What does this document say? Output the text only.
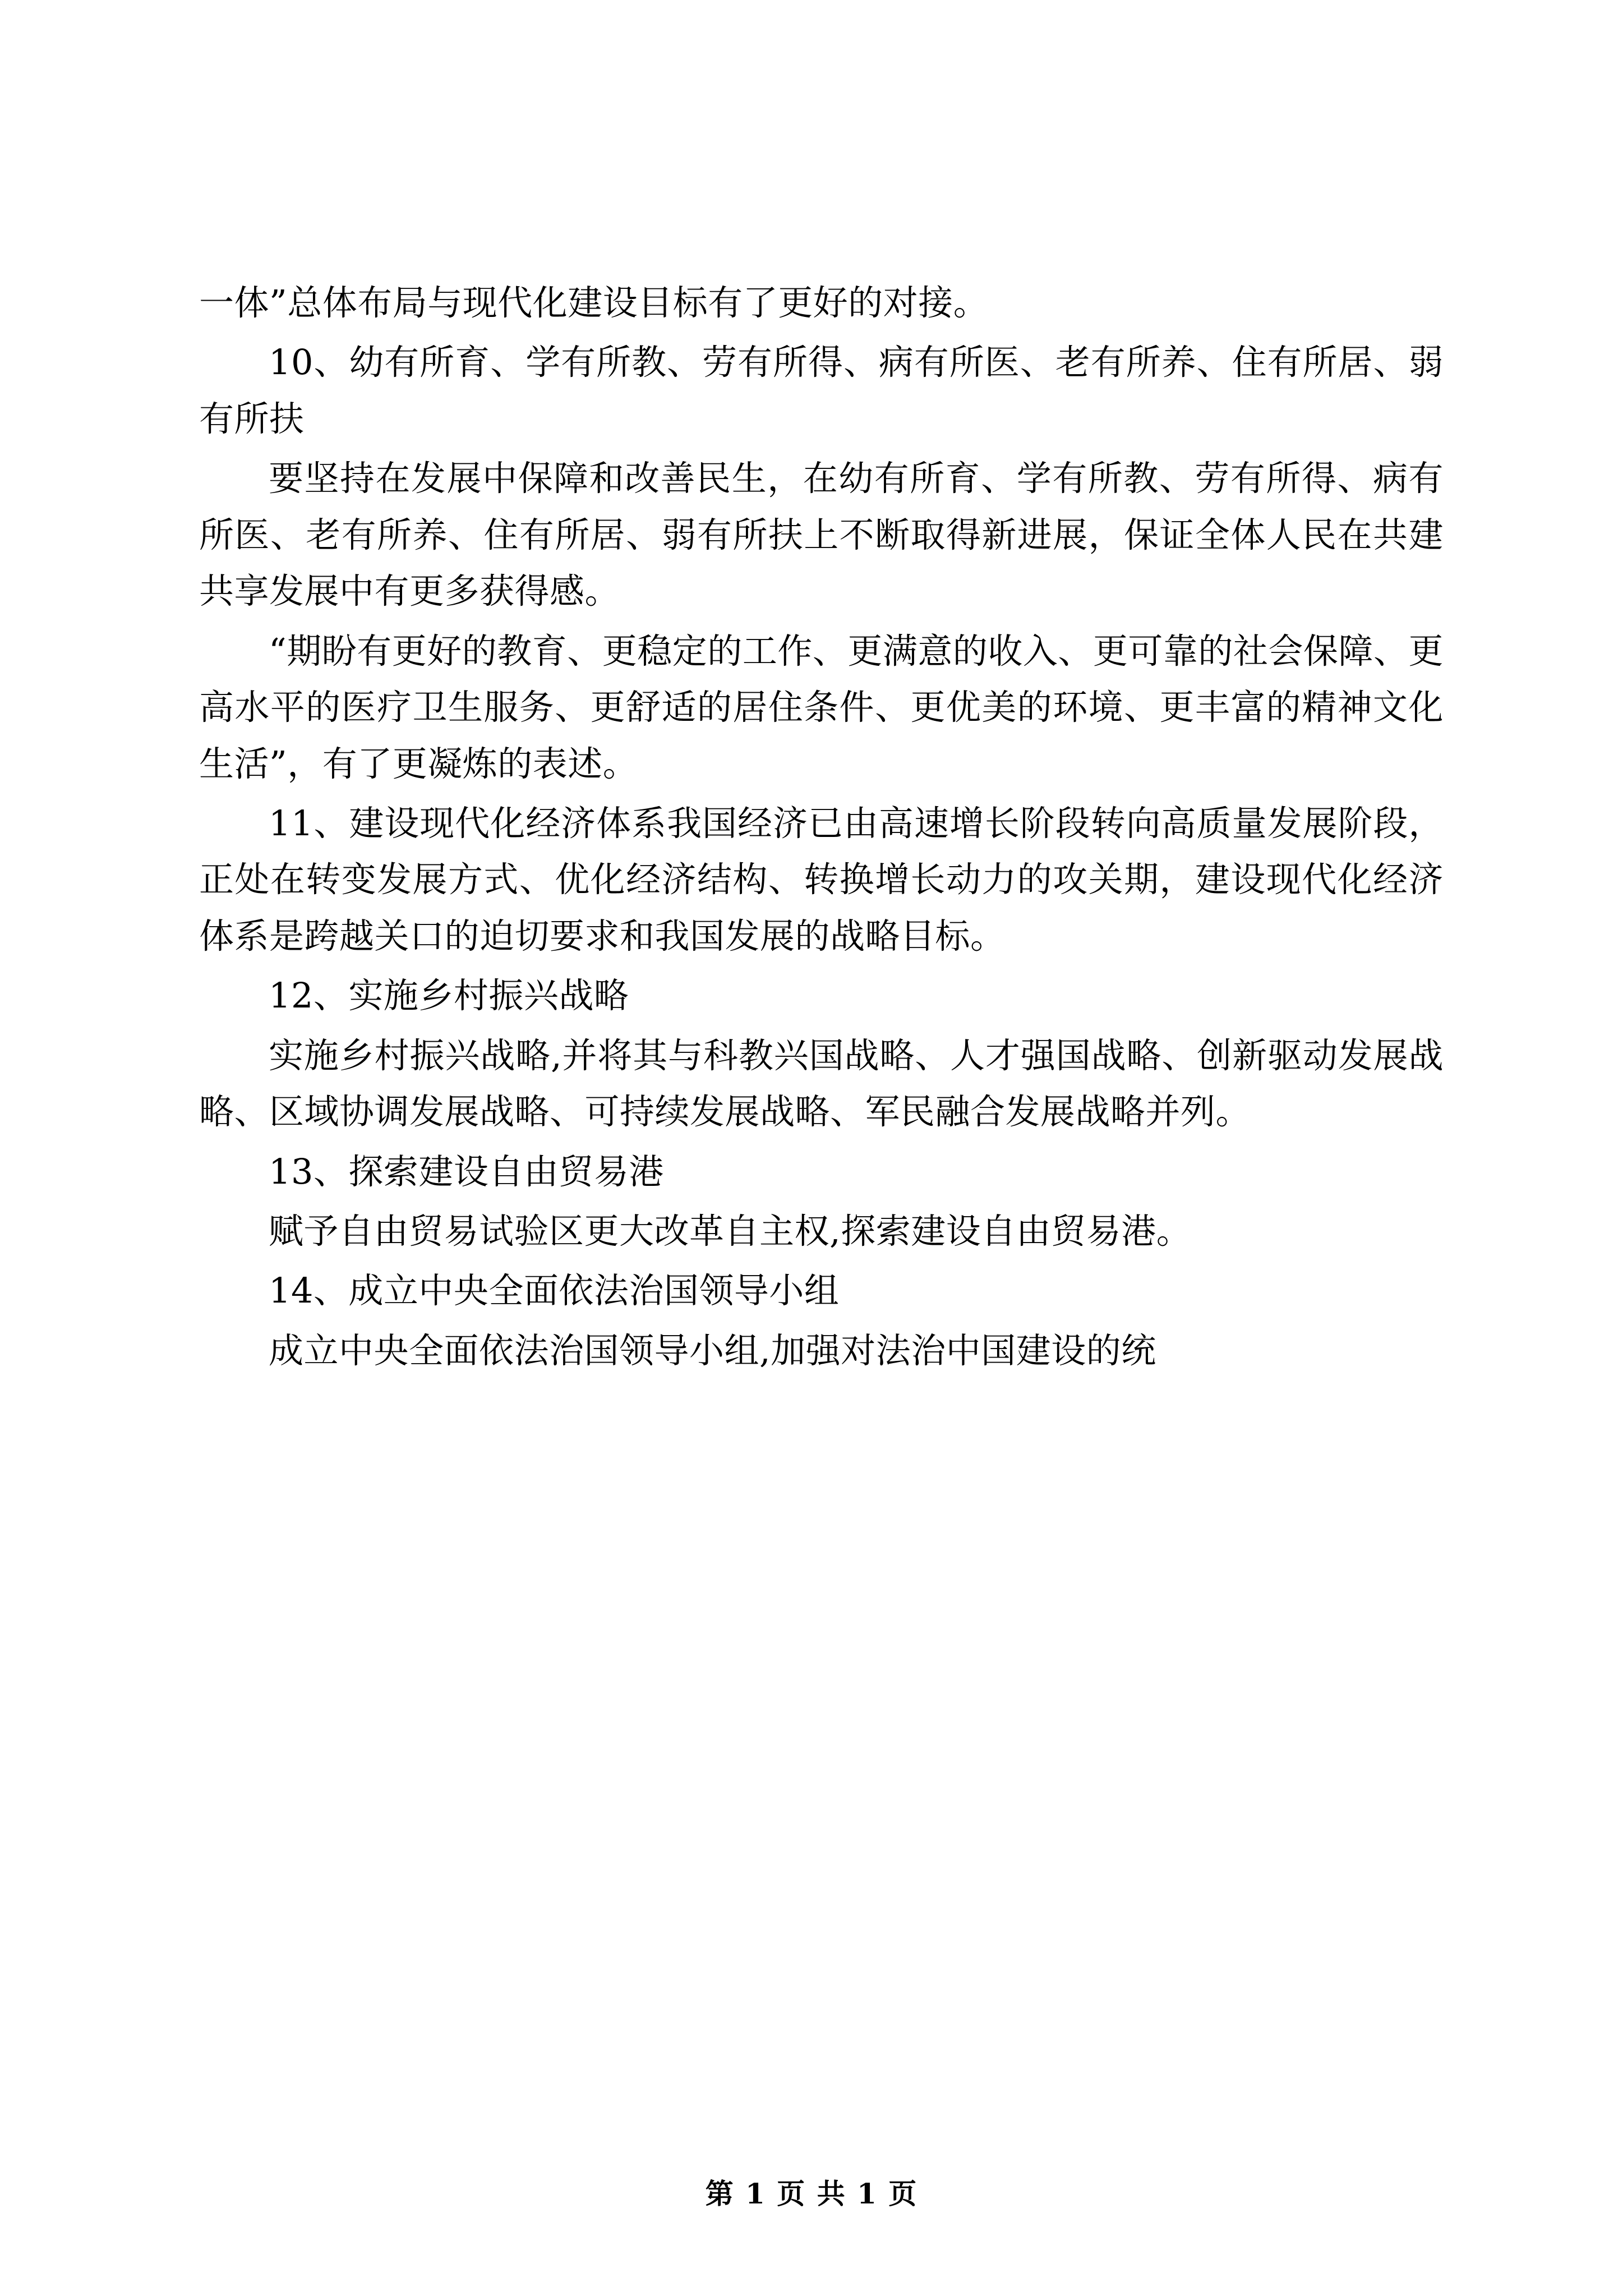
一体”总体布局与现代化建设目标有了更好的对接。

10、幼有所育、学有所教、劳有所得、病有所医、老有所养、住有所居、弱有所扶

要坚持在发展中保障和改善民生，在幼有所育、学有所教、劳有所得、病有所医、老有所养、住有所居、弱有所扶上不断取得新进展，保证全体人民在共建共享发展中有更多获得感。

“期盼有更好的教育、更稳定的工作、更满意的收入、更可靠的社会保障、更高水平的医疗卫生服务、更舒适的居住条件、更优美的环境、更丰富的精神文化生活”，有了更凝炼的表述。

11、建设现代化经济体系我国经济已由高速增长阶段转向高质量发展阶段，正处在转变发展方式、优化经济结构、转换增长动力的攻关期，建设现代化经济体系是跨越关口的迫切要求和我国发展的战略目标。

12、实施乡村振兴战略

实施乡村振兴战略,并将其与科教兴国战略、人才强国战略、创新驱动发展战略、区域协调发展战略、可持续发展战略、军民融合发展战略并列。

13、探索建设自由贸易港

赋予自由贸易试验区更大改革自主权,探索建设自由贸易港。

14、成立中央全面依法治国领导小组

成立中央全面依法治国领导小组,加强对法治中国建设的统

第 1 页 共 1 页
